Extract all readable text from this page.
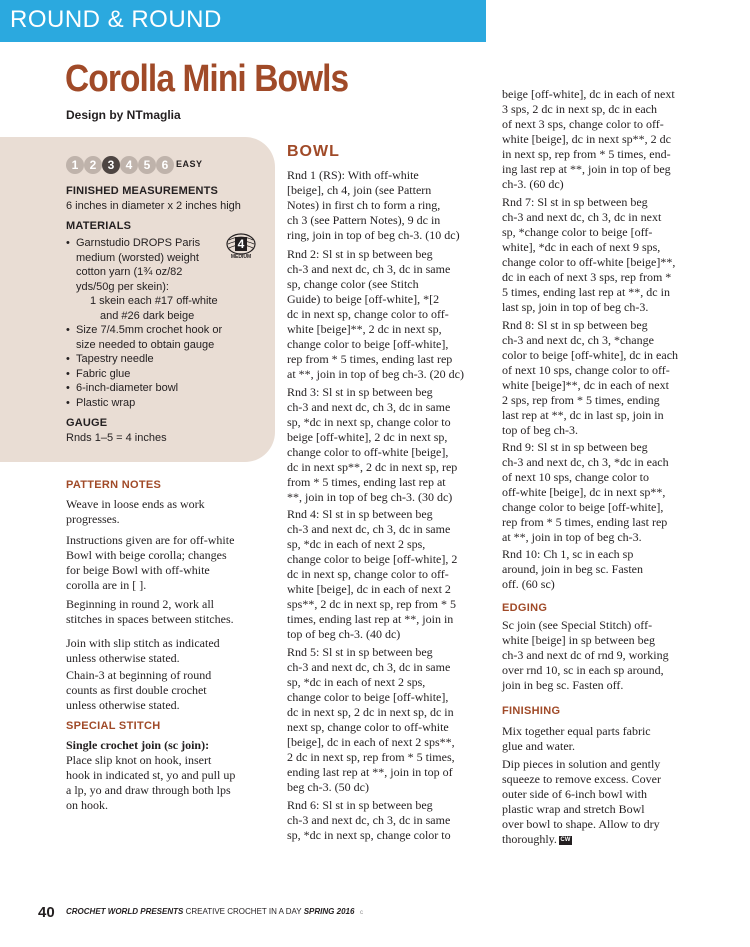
ROUND & ROUND
Corolla Mini Bowls
Design by NTmaglia
1 2 3 4 5 6 EASY
FINISHED MEASUREMENTS
6 inches in diameter x 2 inches high
MATERIALS
4
MEDIUM
• Garnstudio DROPS Paris
medium (worsted) weight
cotton yarn (1¾ oz/82
yds/50g per skein):
1 skein each #17 off-white
and #26 dark beige
• Size 7/4.5mm crochet hook or
size needed to obtain gauge
• Tapestry needle
• Fabric glue
• 6-inch-diameter bowl
• Plastic wrap
GAUGE
Rnds 1–5 = 4 inches
PATTERN NOTES
Weave in loose ends as work
progresses.
Instructions given are for off-white
Bowl with beige corolla; changes
for beige Bowl with off-white
corolla are in [ ].
Beginning in round 2, work all
stitches in spaces between stitches.
Join with slip stitch as indicated
unless otherwise stated.
Chain-3 at beginning of round
counts as first double crochet
unless otherwise stated.
SPECIAL STITCH
Single crochet join (sc join):
Place slip knot on hook, insert
hook in indicated st, yo and pull up
a lp, yo and draw through both lps
on hook.
BOWL
Rnd 1 (RS): With off-white
[beige], ch 4, join (see Pattern
Notes) in first ch to form a ring,
ch 3 (see Pattern Notes), 9 dc in
ring, join in top of beg ch-3. (10 dc)
Rnd 2: Sl st in sp between beg
ch-3 and next dc, ch 3, dc in same
sp, change color (see Stitch
Guide) to beige [off-white], *[2
dc in next sp, change color to off-
white [beige]**, 2 dc in next sp,
change color to beige [off-white],
rep from * 5 times, ending last rep
at **, join in top of beg ch-3. (20 dc)
Rnd 3: Sl st in sp between beg
ch-3 and next dc, ch 3, dc in same
sp, *dc in next sp, change color to
beige [off-white], 2 dc in next sp,
change color to off-white [beige],
dc in next sp**, 2 dc in next sp, rep
from * 5 times, ending last rep at
**, join in top of beg ch-3. (30 dc)
Rnd 4: Sl st in sp between beg
ch-3 and next dc, ch 3, dc in same
sp, *dc in each of next 2 sps,
change color to beige [off-white], 2
dc in next sp, change color to off-
white [beige], dc in each of next 2
sps**, 2 dc in next sp, rep from * 5
times, ending last rep at **, join in
top of beg ch-3. (40 dc)
Rnd 5: Sl st in sp between beg
ch-3 and next dc, ch 3, dc in same
sp, *dc in each of next 2 sps,
change color to beige [off-white],
dc in next sp, 2 dc in next sp, dc in
next sp, change color to off-white
[beige], dc in each of next 2 sps**,
2 dc in next sp, rep from * 5 times,
ending last rep at **, join in top of
beg ch-3. (50 dc)
Rnd 6: Sl st in sp between beg
ch-3 and next dc, ch 3, dc in same
sp, *dc in next sp, change color to
beige [off-white], dc in each of next
3 sps, 2 dc in next sp, dc in each
of next 3 sps, change color to off-
white [beige], dc in next sp**, 2 dc
in next sp, rep from * 5 times, end-
ing last rep at **, join in top of beg
ch-3. (60 dc)
Rnd 7: Sl st in sp between beg
ch-3 and next dc, ch 3, dc in next
sp, *change color to beige [off-
white], *dc in each of next 9 sps,
change color to off-white [beige]**,
dc in each of next 3 sps, rep from *
5 times, ending last rep at **, dc in
last sp, join in top of beg ch-3.
Rnd 8: Sl st in sp between beg
ch-3 and next dc, ch 3, *change
color to beige [off-white], dc in each
of next 10 sps, change color to off-
white [beige]**, dc in each of next
2 sps, rep from * 5 times, ending
last rep at **, dc in last sp, join in
top of beg ch-3.
Rnd 9: Sl st in sp between beg
ch-3 and next dc, ch 3, *dc in each
of next 10 sps, change color to
off-white [beige], dc in next sp**,
change color to beige [off-white],
rep from * 5 times, ending last rep
at **, join in top of beg ch-3.
Rnd 10: Ch 1, sc in each sp
around, join in beg sc. Fasten
off. (60 sc)
EDGING
Sc join (see Special Stitch) off-
white [beige] in sp between beg
ch-3 and next dc of rnd 9, working
over rnd 10, sc in each sp around,
join in beg sc. Fasten off.
FINISHING
Mix together equal parts fabric
glue and water.
Dip pieces in solution and gently
squeeze to remove excess. Cover
outer side of 6-inch bowl with
plastic wrap and stretch Bowl
over bowl to shape. Allow to dry
thoroughly. CW
40 CROCHET WORLD PRESENTS CREATIVE CROCHET IN A DAY SPRING 2016 c
